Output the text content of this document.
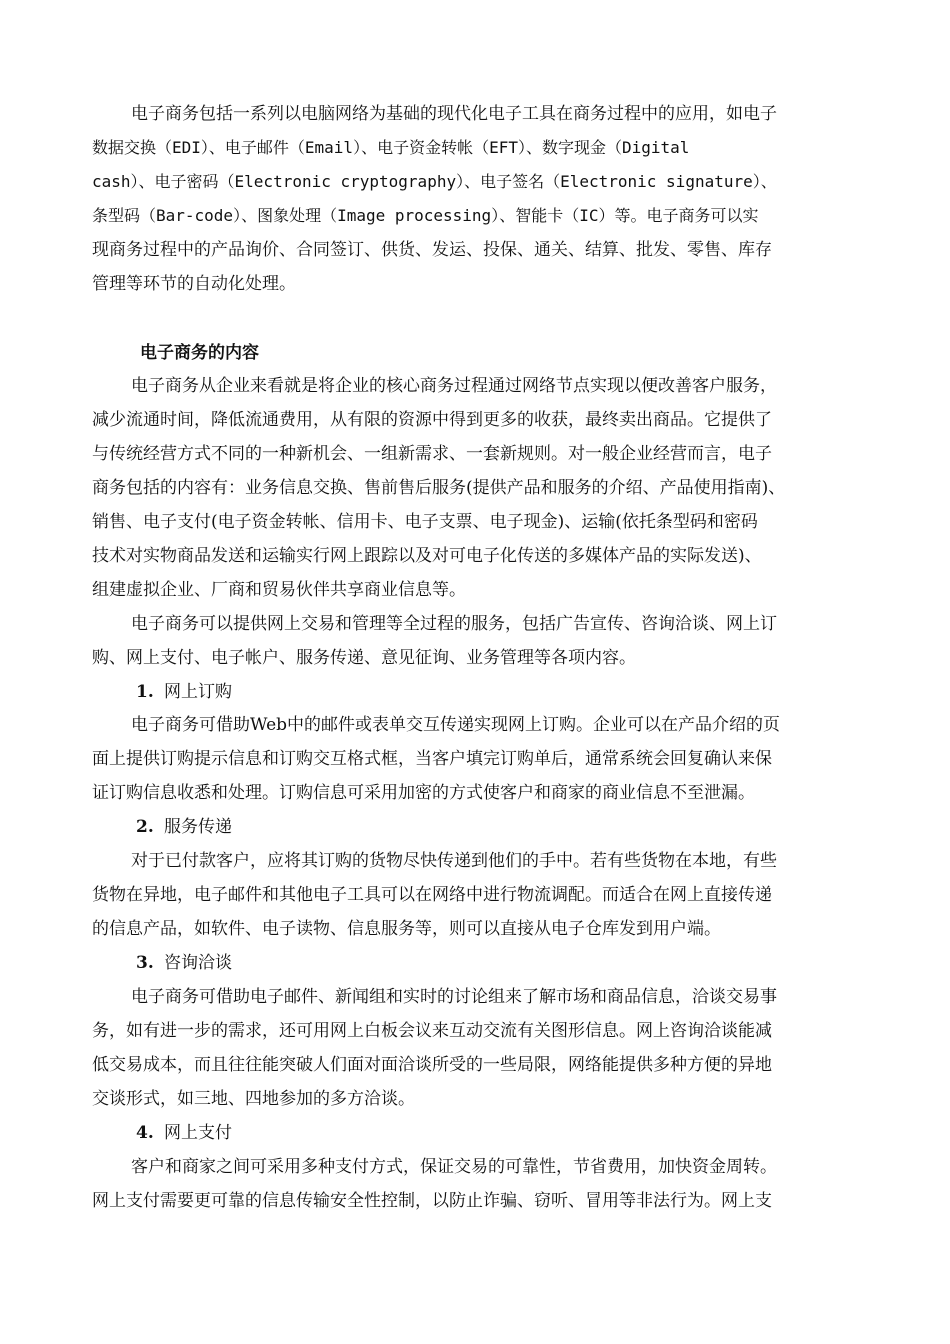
电子商务包括一系列以电脑网络为基础的现代化电子工具在商务过程中的应用，如电子
数据交换（EDI）、电子邮件（Email）、电子资金转帐（EFT）、数字现金（Digital
cash）、电子密码（Electronic cryptography）、电子签名（Electronic signature）、
条型码（Bar-code）、图象处理（Image processing）、智能卡（IC）等。电子商务可以实
现商务过程中的产品询价、合同签订、供货、发运、投保、通关、结算、批发、零售、库存
管理等环节的自动化处理。
电子商务的内容
电子商务从企业来看就是将企业的核心商务过程通过网络节点实现以便改善客户服务，
减少流通时间，降低流通费用，从有限的资源中得到更多的收获，最终卖出商品。它提供了
与传统经营方式不同的一种新机会、一组新需求、一套新规则。对一般企业经营而言，电子
商务包括的内容有：业务信息交换、售前售后服务(提供产品和服务的介绍、产品使用指南)、
销售、电子支付(电子资金转帐、信用卡、电子支票、电子现金)、运输(依托条型码和密码
技术对实物商品发送和运输实行网上跟踪以及对可电子化传送的多媒体产品的实际发送)、
组建虚拟企业、厂商和贸易伙伴共享商业信息等。
电子商务可以提供网上交易和管理等全过程的服务，包括广告宣传、咨询洽谈、网上订
购、网上支付、电子帐户、服务传递、意见征询、业务管理等各项内容。
1. 网上订购
电子商务可借助Web中的邮件或表单交互传递实现网上订购。企业可以在产品介绍的页
面上提供订购提示信息和订购交互格式框，当客户填完订购单后，通常系统会回复确认来保
证订购信息收悉和处理。订购信息可采用加密的方式使客户和商家的商业信息不至泄漏。
2. 服务传递
对于已付款客户，应将其订购的货物尽快传递到他们的手中。若有些货物在本地，有些
货物在异地，电子邮件和其他电子工具可以在网络中进行物流调配。而适合在网上直接传递
的信息产品，如软件、电子读物、信息服务等，则可以直接从电子仓库发到用户端。
3. 咨询洽谈
电子商务可借助电子邮件、新闻组和实时的讨论组来了解市场和商品信息，洽谈交易事
务，如有进一步的需求，还可用网上白板会议来互动交流有关图形信息。网上咨询洽谈能减
低交易成本，而且往往能突破人们面对面洽谈所受的一些局限，网络能提供多种方便的异地
交谈形式，如三地、四地参加的多方洽谈。
4. 网上支付
客户和商家之间可采用多种支付方式，保证交易的可靠性，节省费用，加快资金周转。
网上支付需要更可靠的信息传输安全性控制，以防止诈骗、窃听、冒用等非法行为。网上支
